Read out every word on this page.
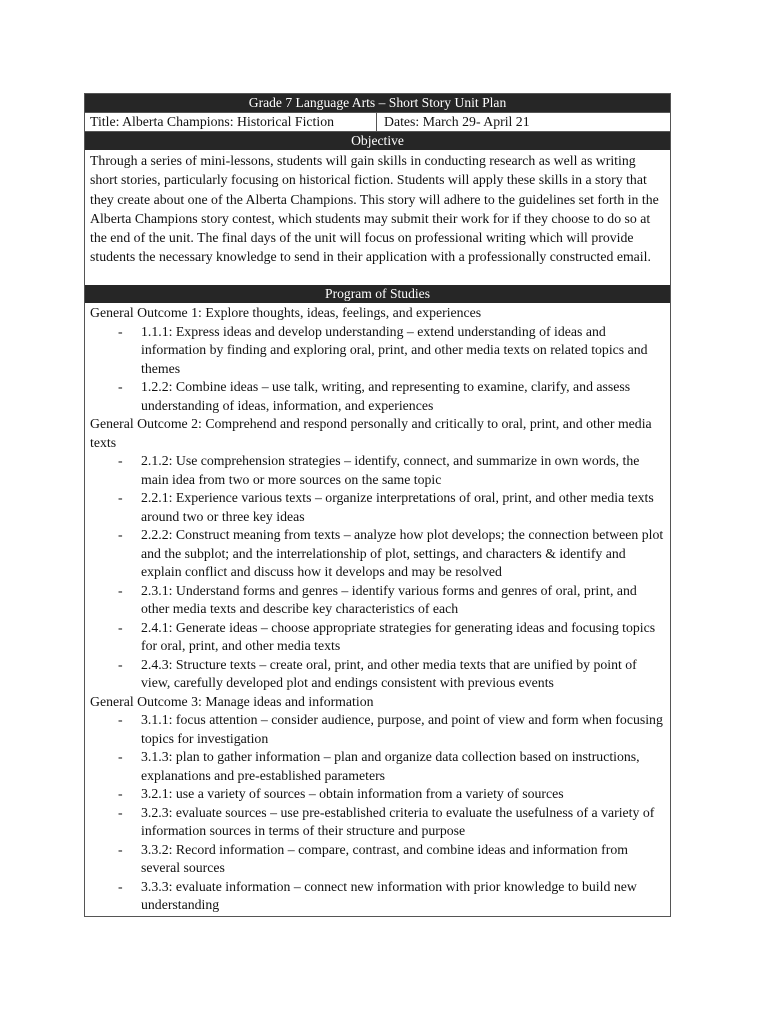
Grade 7 Language Arts – Short Story Unit Plan
Title: Alberta Champions: Historical Fiction	Dates: March 29- April 21
Objective

Through a series of mini-lessons, students will gain skills in conducting research as well as writing short stories, particularly focusing on historical fiction. Students will apply these skills in a story that they create about one of the Alberta Champions. This story will adhere to the guidelines set forth in the Alberta Champions story contest, which students may submit their work for if they choose to do so at the end of the unit. The final days of the unit will focus on professional writing which will provide students the necessary knowledge to send in their application with a professionally constructed email.

Program of Studies

General Outcome 1: Explore thoughts, ideas, feelings, and experiences

- 1.1.1: Express ideas and develop understanding – extend understanding of ideas and information by finding and exploring oral, print, and other media texts on related topics and themes
- 1.2.2: Combine ideas – use talk, writing, and representing to examine, clarify, and assess understanding of ideas, information, and experiences

General Outcome 2: Comprehend and respond personally and critically to oral, print, and other media texts

- 2.1.2: Use comprehension strategies – identify, connect, and summarize in own words, the main idea from two or more sources on the same topic
- 2.2.1: Experience various texts – organize interpretations of oral, print, and other media texts around two or three key ideas
- 2.2.2: Construct meaning from texts – analyze how plot develops; the connection between plot and the subplot; and the interrelationship of plot, settings, and characters & identify and explain conflict and discuss how it develops and may be resolved
- 2.3.1: Understand forms and genres – identify various forms and genres of oral, print, and other media texts and describe key characteristics of each
- 2.4.1: Generate ideas – choose appropriate strategies for generating ideas and focusing topics for oral, print, and other media texts
- 2.4.3: Structure texts – create oral, print, and other media texts that are unified by point of view, carefully developed plot and endings consistent with previous events

General Outcome 3: Manage ideas and information

- 3.1.1: focus attention – consider audience, purpose, and point of view and form when focusing topics for investigation
- 3.1.3: plan to gather information – plan and organize data collection based on instructions, explanations and pre-established parameters
- 3.2.1: use a variety of sources – obtain information from a variety of sources
- 3.2.3: evaluate sources – use pre-established criteria to evaluate the usefulness of a variety of information sources in terms of their structure and purpose
- 3.3.2: Record information – compare, contrast, and combine ideas and information from several sources
- 3.3.3: evaluate information – connect new information with prior knowledge to build new understanding
